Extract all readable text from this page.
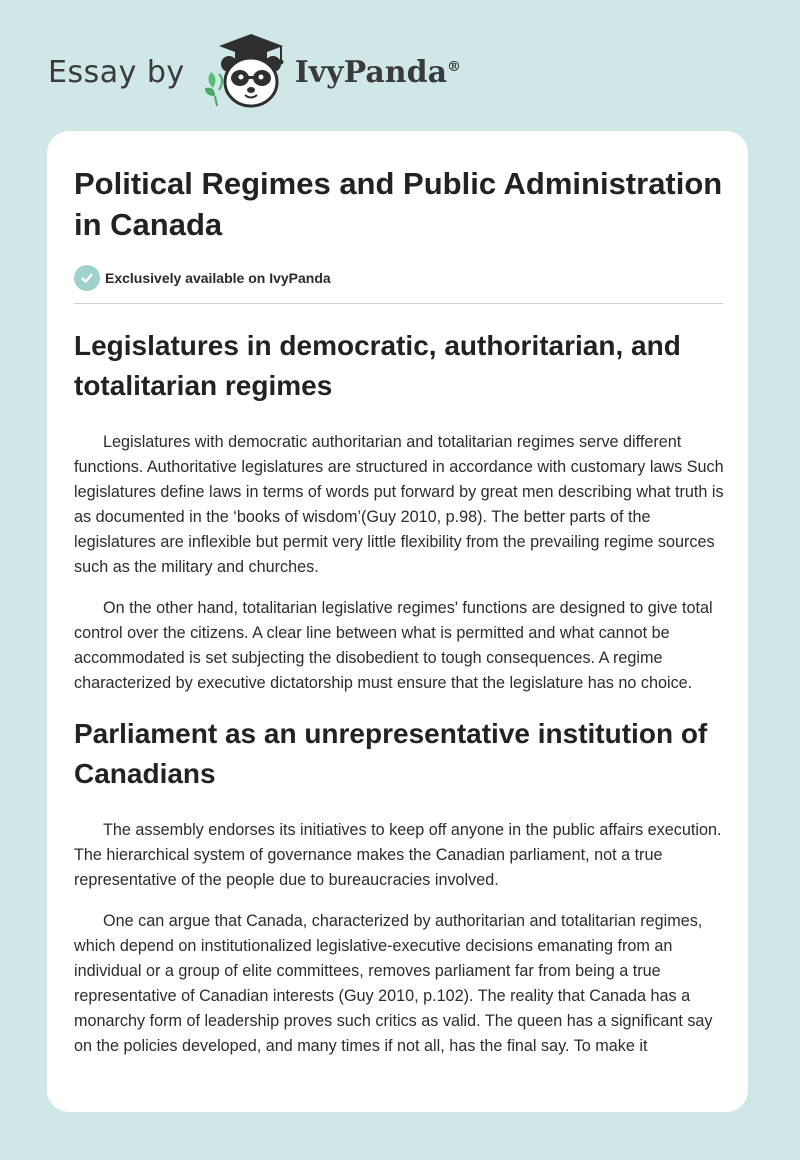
Essay by	IvyPanda®
Political Regimes and Public Administration in Canada
Exclusively available on IvyPanda
Legislatures in democratic, authoritarian, and totalitarian regimes

Legislatures with democratic authoritarian and totalitarian regimes serve different functions. Authoritative legislatures are structured in accordance with customary laws Such legislatures define laws in terms of words put forward by great men describing what truth is as documented in the ‘books of wisdom’(Guy 2010, p.98). The better parts of the legislatures are inflexible but permit very little flexibility from the prevailing regime sources such as the military and churches.

On the other hand, totalitarian legislative regimes' functions are designed to give total control over the citizens. A clear line between what is permitted and what cannot be accommodated is set subjecting the disobedient to tough consequences. A regime characterized by executive dictatorship must ensure that the legislature has no choice.

Parliament as an unrepresentative institution of Canadians

The assembly endorses its initiatives to keep off anyone in the public affairs execution. The hierarchical system of governance makes the Canadian parliament, not a true representative of the people due to bureaucracies involved.

One can argue that Canada, characterized by authoritarian and totalitarian regimes, which depend on institutionalized legislative-executive decisions emanating from an individual or a group of elite committees, removes parliament far from being a true representative of Canadian interests (Guy 2010, p.102). The reality that Canada has a monarchy form of leadership proves such critics as valid. The queen has a significant say on the policies developed, and many times if not all, has the final say. To make it
